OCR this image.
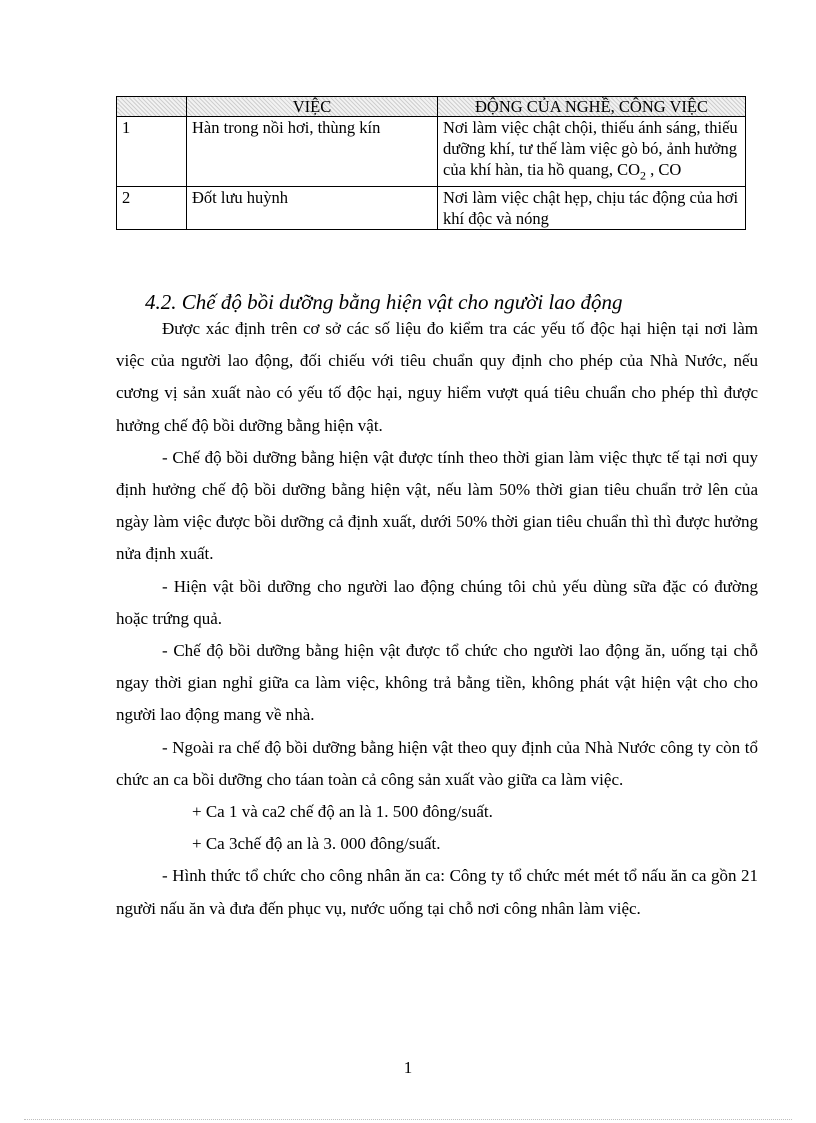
	VIỆC	ĐỘNG CỦA NGHỀ, CÔNG VIỆC
1	Hàn trong nồi hơi, thùng kín	Nơi làm việc chật chội, thiếu ánh sáng, thiếu dưỡng khí, tư thế làm việc gò bó, ảnh hưởng của khí hàn, tia hồ quang, $CO_2$ , CO
2	Đốt lưu huỳnh	Nơi làm việc chật hẹp, chịu tác động của hơi khí độc và nóng
4.2. Chế độ bồi dưỡng bằng hiện vật cho người lao động

Được xác định trên cơ sở các số liệu đo kiểm tra các yếu tố độc hại hiện tại nơi làm việc của người lao động, đối chiếu với tiêu chuẩn quy định cho phép của Nhà Nước, nếu cương vị sản xuất nào có yếu tố độc hại, nguy hiểm vượt quá tiêu chuẩn cho phép thì được hưởng chế độ bồi dưỡng bằng hiện vật.

- Chế độ bồi dưỡng bằng hiện vật được tính theo thời gian làm việc thực tế tại nơi quy định hưởng chế độ bồi dưỡng bằng hiện vật, nếu làm 50% thời gian tiêu chuẩn trở lên của ngày làm việc được bồi dưỡng cả định xuất, dưới 50% thời gian tiêu chuẩn thì thì được hưởng nửa định xuất.

- Hiện vật bồi dưỡng cho người lao động chúng tôi chủ yếu dùng sữa đặc có đường hoặc trứng quả.

- Chế độ bồi dưỡng bằng hiện vật được tổ chức cho người lao động ăn, uống tại chỗ ngay thời gian nghỉ giữa ca làm việc, không trả bằng tiền, không phát vật hiện vật cho cho người lao động mang về nhà.

- Ngoài ra chế độ bồi dưỡng bằng hiện vật theo quy định của Nhà Nước công ty còn tổ chức an ca bồi dưỡng cho táan toàn cả công sản xuất vào giữa ca làm việc.

+ Ca 1 và ca2 chế độ an là 1. 500 đông/suất.

+ Ca 3chế độ an là 3. 000 đông/suất.

- Hình thức tổ chức cho công nhân ăn ca: Công ty tổ chức mét mét tổ nấu ăn ca gồn 21 người nấu ăn và đưa đến phục vụ, nước uống tại chỗ nơi công nhân làm việc.

1
